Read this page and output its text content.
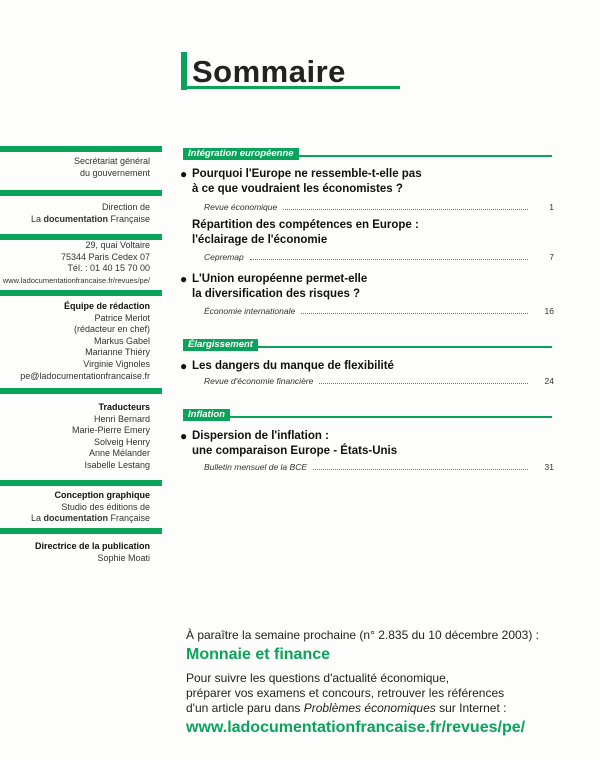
Sommaire
Secrétariat général
du gouvernement
Direction de
La documentation Française
29, quai Voltaire
75344 Paris Cedex 07
Tél. : 01 40 15 70 00
www.ladocumentationfrancaise.fr/revues/pe/
Équipe de rédaction
Patrice Merlot
(rédacteur en chef)
Markus Gabel
Marianne Thiéry
Virginie Vignoles
pe@ladocumentationfrancaise.fr
Traducteurs
Henri Bernard
Marie-Pierre Emery
Solveig Henry
Anne Mélander
Isabelle Lestang
Conception graphique
Studio des éditions de
La documentation Française
Directrice de la publication
Sophie Moati
Intégration européenne
● Pourquoi l'Europe ne ressemble-t-elle pas
à ce que voudraient les économistes ?
Revue économique	1
Répartition des compétences en Europe :
l'éclairage de l'économie
Cepremap	7
● L'Union européenne permet-elle
la diversification des risques ?
Économie internationale	16
Élargissement
● Les dangers du manque de flexibilité
Revue d'économie financière	24
Inflation
● Dispersion de l'inflation :
une comparaison Europe - États-Unis
Bulletin mensuel de la BCE	31
À paraître la semaine prochaine (n° 2.835 du 10 décembre 2003) :
Monnaie et finance
Pour suivre les questions d'actualité économique,
préparer vos examens et concours, retrouver les références
d'un article paru dans Problèmes économiques sur Internet :
www.ladocumentationfrancaise.fr/revues/pe/
